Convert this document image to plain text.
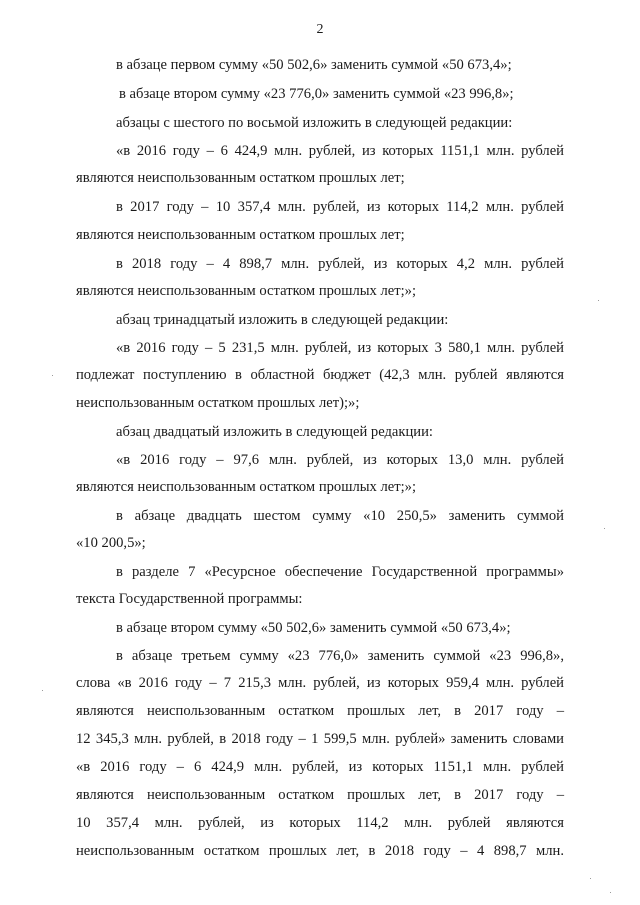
2
в абзаце первом сумму «50 502,6» заменить суммой «50 673,4»;
в абзаце втором сумму «23 776,0» заменить суммой «23 996,8»;
абзацы с шестого по восьмой изложить в следующей редакции:
«в 2016 году – 6 424,9 млн. рублей, из которых 1151,1 млн. рублей
являются неиспользованным остатком прошлых лет;
в 2017 году – 10 357,4 млн. рублей, из которых 114,2 млн. рублей
являются неиспользованным остатком прошлых лет;
в 2018 году – 4 898,7 млн. рублей, из которых 4,2 млн. рублей
являются неиспользованным остатком прошлых лет;»;
абзац тринадцатый изложить в следующей редакции:
«в 2016 году – 5 231,5 млн. рублей, из которых 3 580,1 млн. рублей
подлежат поступлению в областной бюджет (42,3 млн. рублей являются
неиспользованным остатком прошлых лет);»;
абзац двадцатый изложить в следующей редакции:
«в 2016 году – 97,6 млн. рублей, из которых 13,0 млн. рублей
являются неиспользованным остатком прошлых лет;»;
в абзаце двадцать шестом сумму «10 250,5» заменить суммой
«10 200,5»;
в разделе 7 «Ресурсное обеспечение Государственной программы»
текста Государственной программы:
в абзаце втором сумму «50 502,6» заменить суммой «50 673,4»;
в абзаце третьем сумму «23 776,0» заменить суммой «23 996,8»,
слова «в 2016 году – 7 215,3 млн. рублей, из которых 959,4 млн. рублей
являются неиспользованным остатком прошлых лет, в 2017 году –
12 345,3 млн. рублей, в 2018 году – 1 599,5 млн. рублей» заменить словами
«в 2016 году – 6 424,9 млн. рублей, из которых 1151,1 млн. рублей
являются неиспользованным остатком прошлых лет, в 2017 году –
10 357,4 млн. рублей, из которых 114,2 млн. рублей являются
неиспользованным остатком прошлых лет, в 2018 году – 4 898,7 млн.
